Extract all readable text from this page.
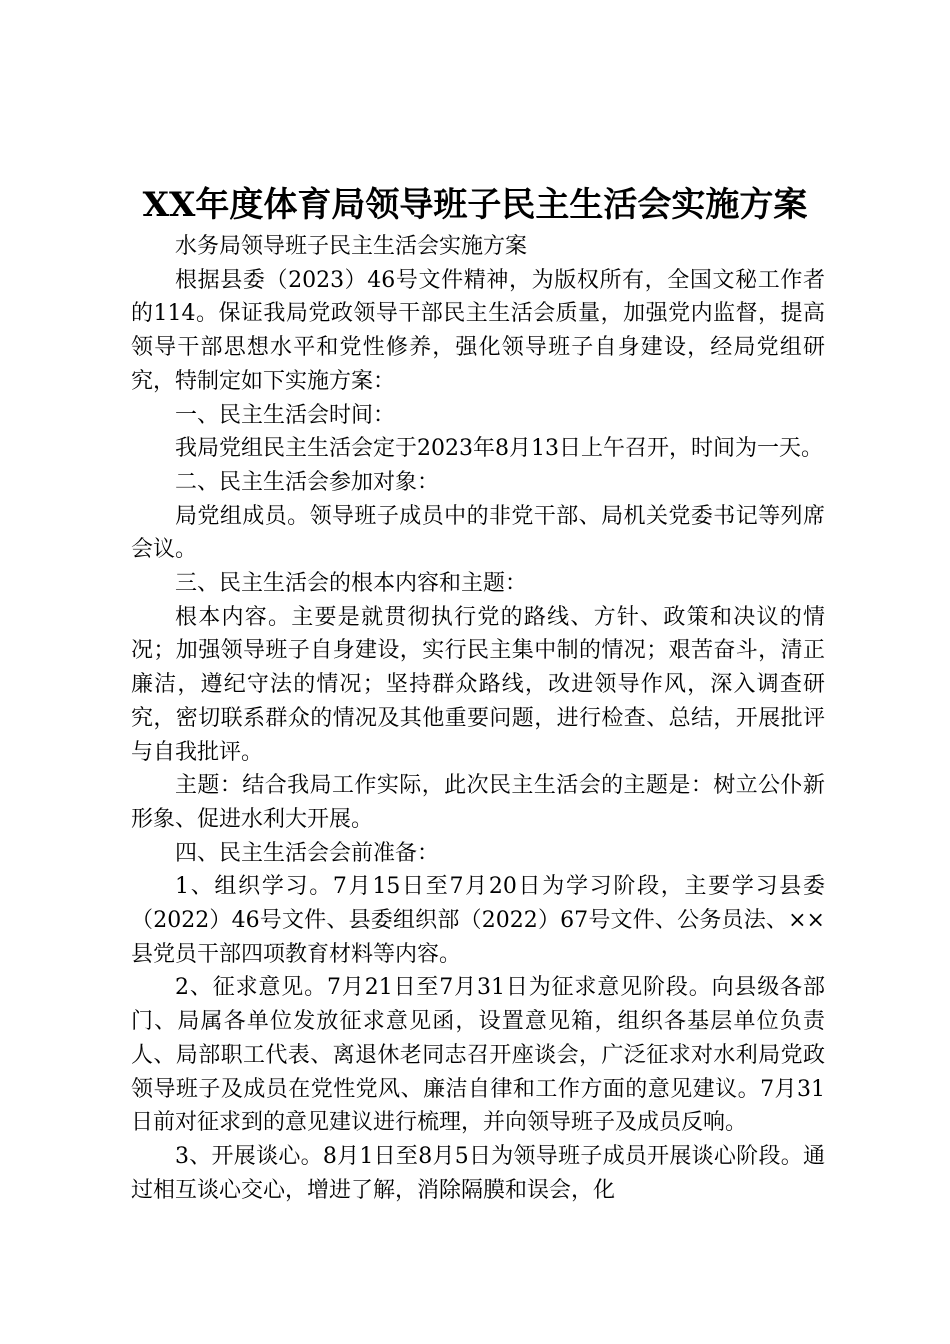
XX年度体育局领导班子民主生活会实施方案

水务局领导班子民主生活会实施方案

根据县委（2023）46号文件精神，为版权所有，全国文秘工作者的114。保证我局党政领导干部民主生活会质量，加强党内监督，提高领导干部思想水平和党性修养，强化领导班子自身建设，经局党组研究，特制定如下实施方案：

一、民主生活会时间：

我局党组民主生活会定于2023年8月13日上午召开，时间为一天。

二、民主生活会参加对象：

局党组成员。领导班子成员中的非党干部、局机关党委书记等列席会议。

三、民主生活会的根本内容和主题：

根本内容。主要是就贯彻执行党的路线、方针、政策和决议的情况；加强领导班子自身建设，实行民主集中制的情况；艰苦奋斗，清正廉洁，遵纪守法的情况；坚持群众路线，改进领导作风，深入调查研究，密切联系群众的情况及其他重要问题，进行检查、总结，开展批评与自我批评。

主题：结合我局工作实际，此次民主生活会的主题是：树立公仆新形象、促进水利大开展。

四、民主生活会会前准备：

1、组织学习。7月15日至7月20日为学习阶段，主要学习县委（2022）46号文件、县委组织部（2022）67号文件、公务员法、××县党员干部四项教育材料等内容。

2、征求意见。7月21日至7月31日为征求意见阶段。向县级各部门、局属各单位发放征求意见函，设置意见箱，组织各基层单位负责人、局部职工代表、离退休老同志召开座谈会，广泛征求对水利局党政领导班子及成员在党性党风、廉洁自律和工作方面的意见建议。7月31日前对征求到的意见建议进行梳理，并向领导班子及成员反响。

3、开展谈心。8月1日至8月5日为领导班子成员开展谈心阶段。通过相互谈心交心，增进了解，消除隔膜和误会，化
